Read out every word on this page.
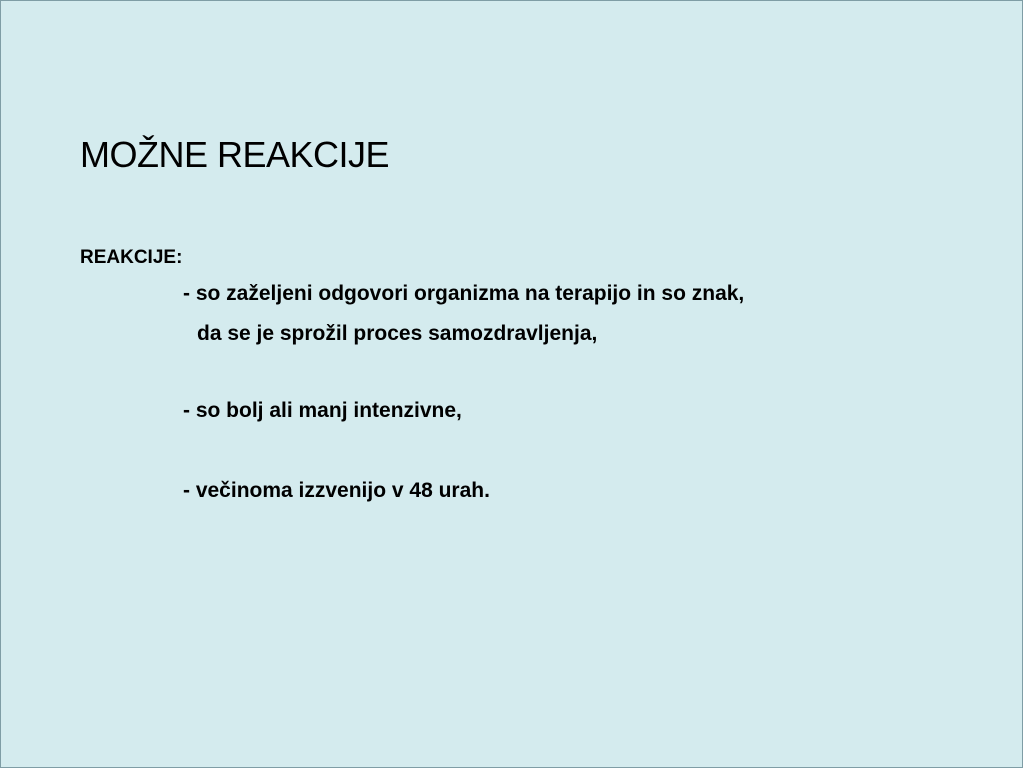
MOŽNE REAKCIJE
REAKCIJE:
- so zaželjeni odgovori organizma na terapijo in so znak,
da se je sprožil proces samozdravljenja,
- so bolj ali manj intenzivne,
- večinoma izzvenijo v 48 urah.
